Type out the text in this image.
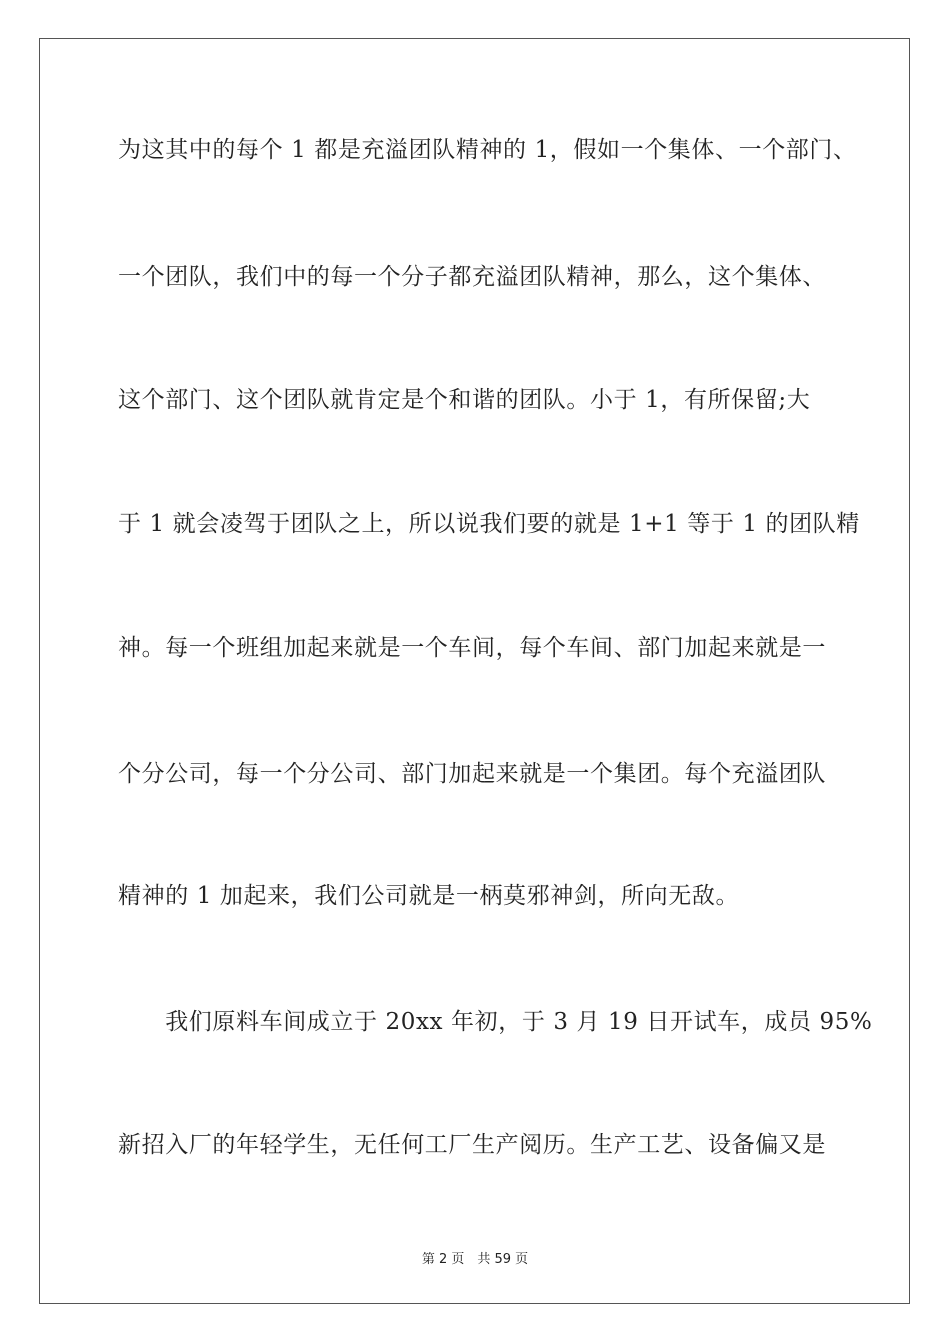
为这其中的每个 1 都是充溢团队精神的 1，假如一个集体、一个部门、
一个团队，我们中的每一个分子都充溢团队精神，那么，这个集体、
这个部门、这个团队就肯定是个和谐的团队。小于 1，有所保留;大
于 1 就会凌驾于团队之上，所以说我们要的就是 1+1 等于 1 的团队精
神。每一个班组加起来就是一个车间，每个车间、部门加起来就是一
个分公司，每一个分公司、部门加起来就是一个集团。每个充溢团队
精神的 1 加起来，我们公司就是一柄莫邪神剑，所向无敌。
　　我们原料车间成立于 20xx 年初，于 3 月 19 日开试车，成员 95%
新招入厂的年轻学生，无任何工厂生产阅历。生产工艺、设备偏又是
第 2 页　共 59 页
